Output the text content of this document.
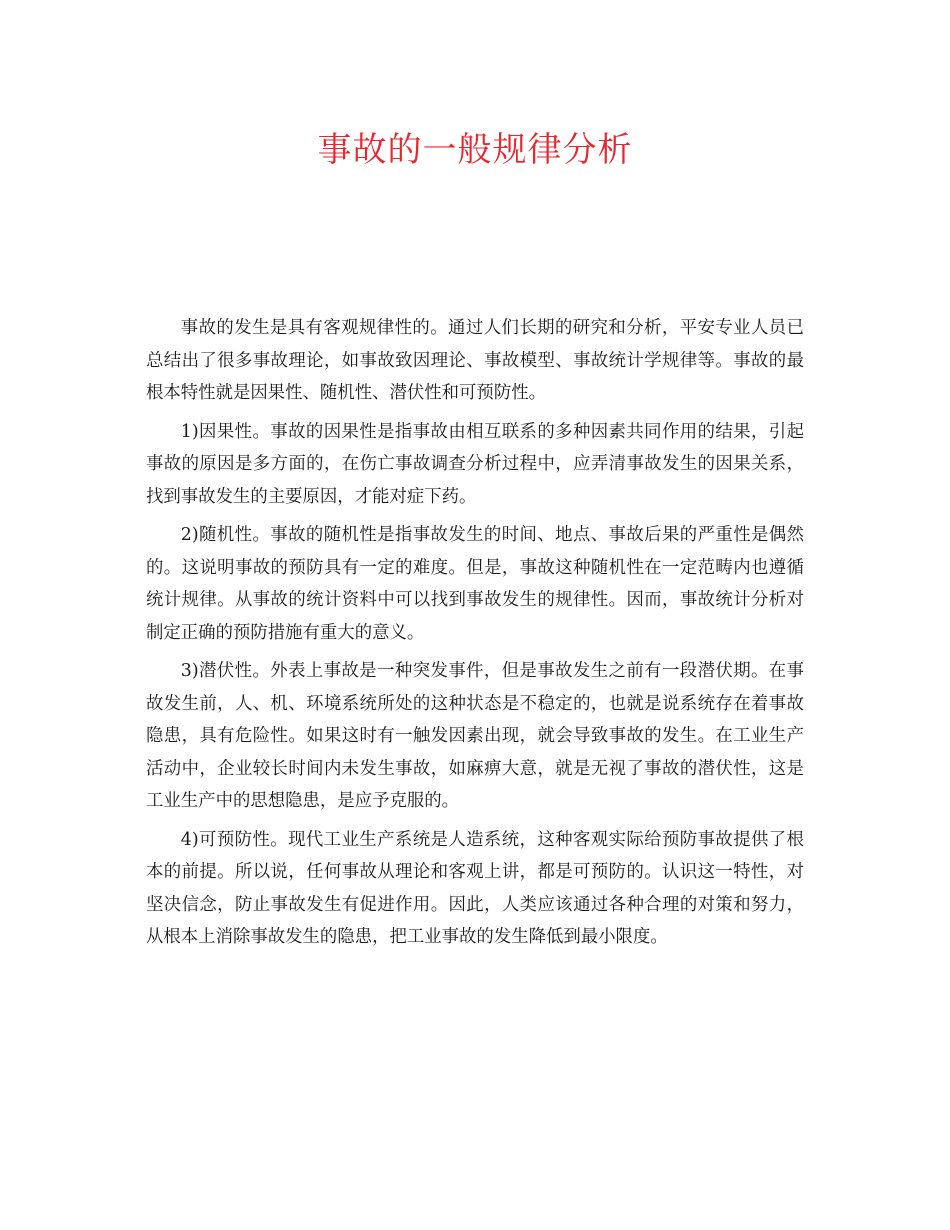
事故的一般规律分析

事故的发生是具有客观规律性的。通过人们长期的研究和分析，平安专业人员已总结出了很多事故理论，如事故致因理论、事故模型、事故统计学规律等。事故的最根本特性就是因果性、随机性、潜伏性和可预防性。

1)因果性。事故的因果性是指事故由相互联系的多种因素共同作用的结果，引起事故的原因是多方面的，在伤亡事故调查分析过程中，应弄清事故发生的因果关系，找到事故发生的主要原因，才能对症下药。

2)随机性。事故的随机性是指事故发生的时间、地点、事故后果的严重性是偶然的。这说明事故的预防具有一定的难度。但是，事故这种随机性在一定范畴内也遵循统计规律。从事故的统计资料中可以找到事故发生的规律性。因而，事故统计分析对制定正确的预防措施有重大的意义。

3)潜伏性。外表上事故是一种突发事件，但是事故发生之前有一段潜伏期。在事故发生前，人、机、环境系统所处的这种状态是不稳定的，也就是说系统存在着事故隐患，具有危险性。如果这时有一触发因素出现，就会导致事故的发生。在工业生产活动中，企业较长时间内未发生事故，如麻痹大意，就是无视了事故的潜伏性，这是工业生产中的思想隐患，是应予克服的。

4)可预防性。现代工业生产系统是人造系统，这种客观实际给预防事故提供了根本的前提。所以说，任何事故从理论和客观上讲，都是可预防的。认识这一特性，对坚决信念，防止事故发生有促进作用。因此，人类应该通过各种合理的对策和努力，从根本上消除事故发生的隐患，把工业事故的发生降低到最小限度。
